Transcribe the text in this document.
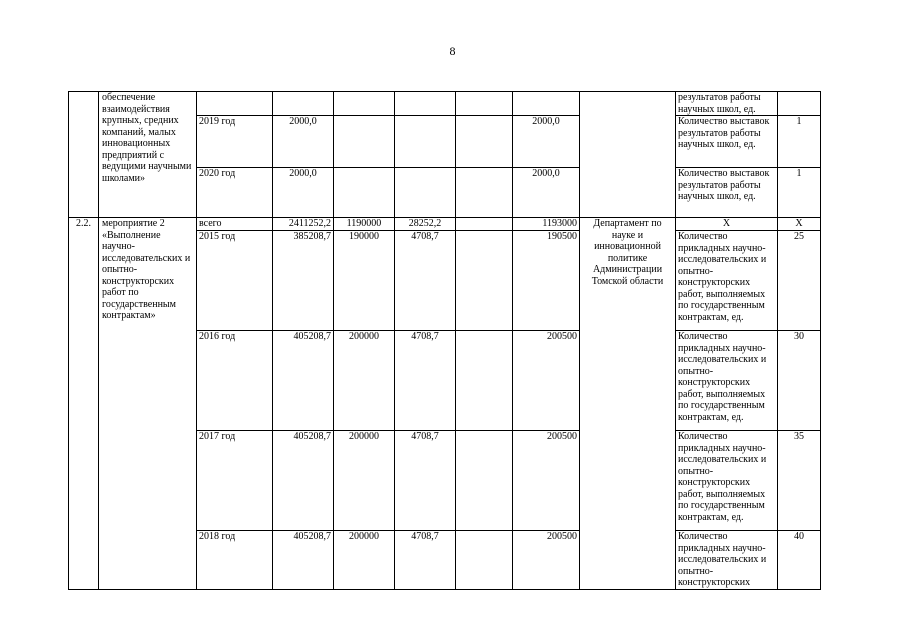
8
	обеспечение взаимодействия крупных, средних компаний, малых инновационных предприятий с ведущими научными школами»								результатов работы научных школ, ед.	
		2019 год	2000,0				2000,0		Количество выставок результатов работы научных школ, ед.	1
		2020 год	2000,0				2000,0		Количество выставок результатов работы научных школ, ед.	1
2.2.	мероприятие 2 «Выполнение научно-исследовательских и опытно-конструкторских работ по государственным контрактам»	всего	2411252,2	1190000	28252,2		1193000	Департамент по науке и инновационной политике Администрации Томской области	Х	Х
		2015 год	385208,7	190000	4708,7		190500		Количество прикладных научно-исследовательских и опытно-конструкторских работ, выполняемых по государственным контрактам, ед.	25
		2016 год	405208,7	200000	4708,7		200500		Количество прикладных научно-исследовательских и опытно-конструкторских работ, выполняемых по государственным контрактам, ед.	30
		2017 год	405208,7	200000	4708,7		200500		Количество прикладных научно-исследовательских и опытно-конструкторских работ, выполняемых по государственным контрактам, ед.	35
		2018 год	405208,7	200000	4708,7		200500		Количество прикладных научно-исследовательских и опытно-конструкторских	40
